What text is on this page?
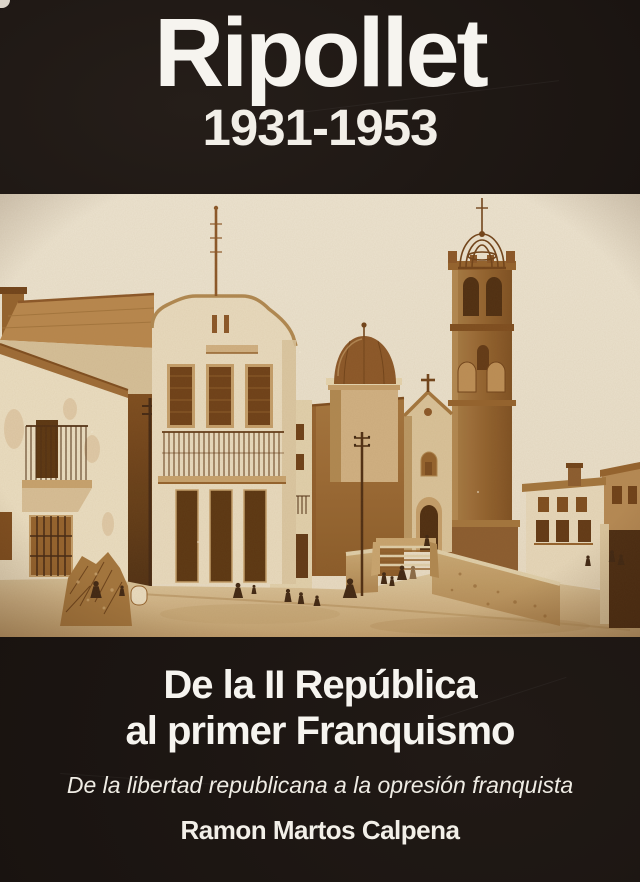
Ripollet
1931-1953
De la II República
al primer Franquismo

De la libertad republicana a la opresión franquista

Ramon Martos Calpena
